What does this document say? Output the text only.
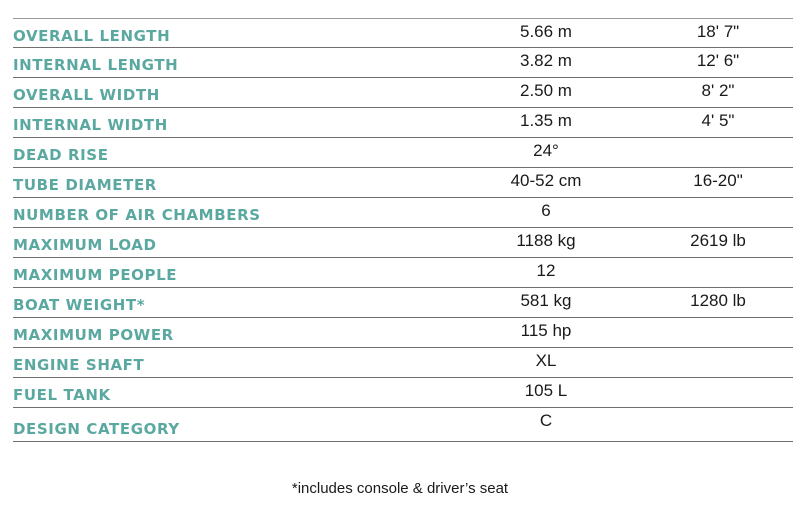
OVERALL LENGTH	5.66 m	18' 7"
INTERNAL LENGTH	3.82 m	12' 6"
OVERALL WIDTH	2.50 m	8' 2"
INTERNAL WIDTH	1.35 m	4' 5"
DEAD RISE	24°
TUBE DIAMETER	40-52 cm	16-20"
NUMBER OF AIR CHAMBERS	6
MAXIMUM LOAD	1188 kg	2619 lb
MAXIMUM PEOPLE	12
BOAT WEIGHT*	581 kg	1280 lb
MAXIMUM POWER	115 hp
ENGINE SHAFT	XL
FUEL TANK	105 L
DESIGN CATEGORY	C
*includes console & driver’s seat
